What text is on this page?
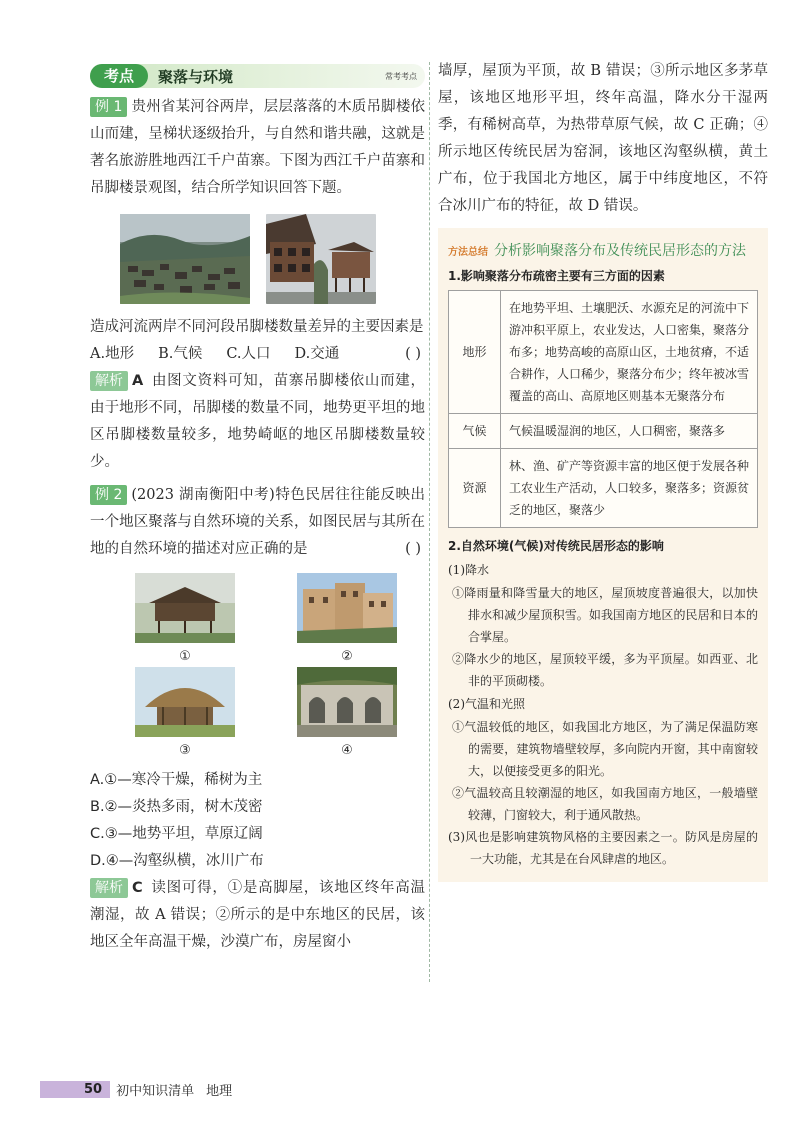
考点	聚落与环境	常考考点

例 1 贵州省某河谷两岸，层层落落的木质吊脚楼依山而建，呈梯状逐级抬升，与自然和谐共融，这就是著名旅游胜地西江千户苗寨。下图为西江千户苗寨和吊脚楼景观图，结合所学知识回答下题。

造成河流两岸不同河段吊脚楼数量差异的主要因素是
( )

A.地形 B.气候 C.人口 D.交通

解析 A 由图文资料可知，苗寨吊脚楼依山而建，由于地形不同，吊脚楼的数量不同，地势更平坦的地区吊脚楼数量较多，地势崎岖的地区吊脚楼数量较少。

例 2 (2023 湖南衡阳中考)特色民居往往能反映出一个地区聚落与自然环境的关系，如图民居与其所在地的自然环境的描述对应正确的是	( )

①	②
③	④
A.①—寒冷干燥，稀树为主
B.②—炎热多雨，树木茂密
C.③—地势平坦，草原辽阔
D.④—沟壑纵横，冰川广布

解析 C 读图可得，①是高脚屋，该地区终年高温潮湿，故 A 错误；②所示的是中东地区的民居，该地区全年高温干燥，沙漠广布，房屋窗小

墙厚，屋顶为平顶，故 B 错误；③所示地区多茅草屋，该地区地形平坦，终年高温，降水分干湿两季，有稀树高草，为热带草原气候，故 C 正确；④所示地区传统民居为窑洞，该地区沟壑纵横，黄土广布，位于我国北方地区，属于中纬度地区，不符合冰川广布的特征，故 D 错误。

方法总结 分析影响聚落分布及传统民居形态的方法
1.影响聚落分布疏密主要有三方面的因素
地形	在地势平坦、土壤肥沃、水源充足的河流中下游冲积平原上，农业发达，人口密集，聚落分布多；地势高峻的高原山区，土地贫瘠，不适合耕作，人口稀少，聚落分布少；终年被冰雪覆盖的高山、高原地区则基本无聚落分布
气候	气候温暖湿润的地区，人口稠密，聚落多
资源	林、渔、矿产等资源丰富的地区便于发展各种工农业生产活动，人口较多，聚落多；资源贫乏的地区，聚落少
2.自然环境(气候)对传统民居形态的影响
(1)降水
①降雨量和降雪量大的地区，屋顶坡度普遍很大，以加快排水和减少屋顶积雪。如我国南方地区的民居和日本的合掌屋。
②降水少的地区，屋顶较平缓，多为平顶屋。如西亚、北非的平顶砌楼。
(2)气温和光照
①气温较低的地区，如我国北方地区，为了满足保温防寒的需要，建筑物墙壁较厚，多向院内开窗，其中南窗较大，以便接受更多的阳光。
②气温较高且较潮湿的地区，如我国南方地区，一般墙壁较薄，门窗较大，利于通风散热。
(3)风也是影响建筑物风格的主要因素之一。防风是房屋的一大功能，尤其是在台风肆虐的地区。
50	初中知识清单 地理
